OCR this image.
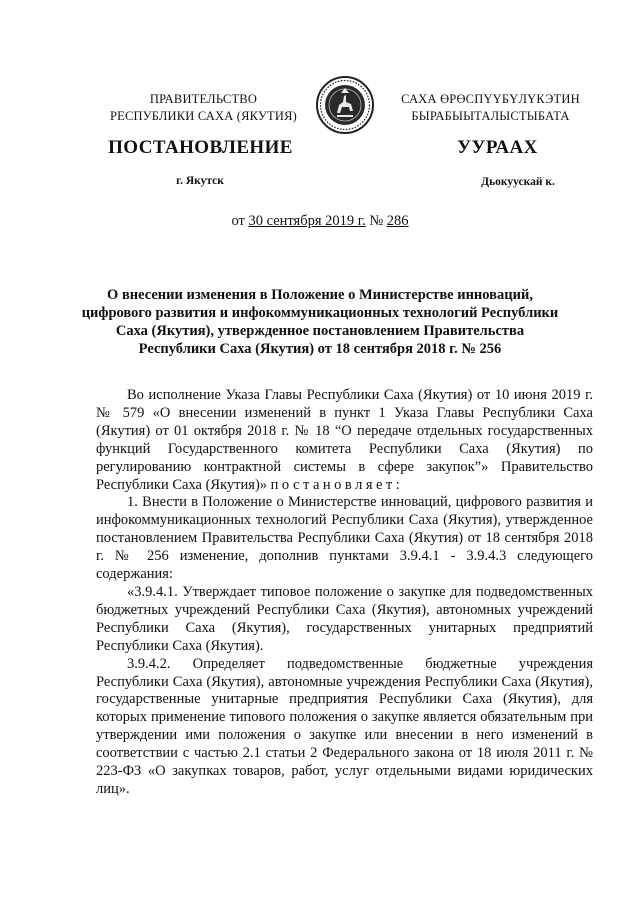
ПРАВИТЕЛЬСТВО
РЕСПУБЛИКИ САХА (ЯКУТИЯ)
САХА ӨРӨСПҮҮБҮЛҮКЭТИН
БЫРАБЫЫТАЛЫСТЫБАТА
ПОСТАНОВЛЕНИЕ	УУРААХ
г. Якутск	Дьокуускай к.
от 30 сентября 2019 г. № 286
О внесении изменения в Положение о Министерстве инноваций,
цифрового развития и инфокоммуникационных технологий Республики
Саха (Якутия), утвержденное постановлением Правительства
Республики Саха (Якутия) от 18 сентября 2018 г. № 256

Во исполнение Указа Главы Республики Саха (Якутия) от 10 июня 2019 г. № 579 «О внесении изменений в пункт 1 Указа Главы Республики Саха (Якутия) от 01 октября 2018 г. № 18 “О передаче отдельных государственных функций Государственного комитета Республики Саха (Якутия) по регулированию контрактной системы в сфере закупок”» Правительство Республики Саха (Якутия)» постановляет:

1. Внести в Положение о Министерстве инноваций, цифрового развития и инфокоммуникационных технологий Республики Саха (Якутия), утвержденное постановлением Правительства Республики Саха (Якутия) от 18 сентября 2018 г. № 256 изменение, дополнив пунктами 3.9.4.1 - 3.9.4.3 следующего содержания:

«3.9.4.1. Утверждает типовое положение о закупке для подведомственных бюджетных учреждений Республики Саха (Якутия), автономных учреждений Республики Саха (Якутия), государственных унитарных предприятий Республики Саха (Якутия).

3.9.4.2. Определяет подведомственные бюджетные учреждения Республики Саха (Якутия), автономные учреждения Республики Саха (Якутия), государственные унитарные предприятия Республики Саха (Якутия), для которых применение типового положения о закупке является обязательным при утверждении ими положения о закупке или внесении в него изменений в соответствии с частью 2.1 статьи 2 Федерального закона от 18 июля 2011 г. № 223-ФЗ «О закупках товаров, работ, услуг отдельными видами юридических лиц».
